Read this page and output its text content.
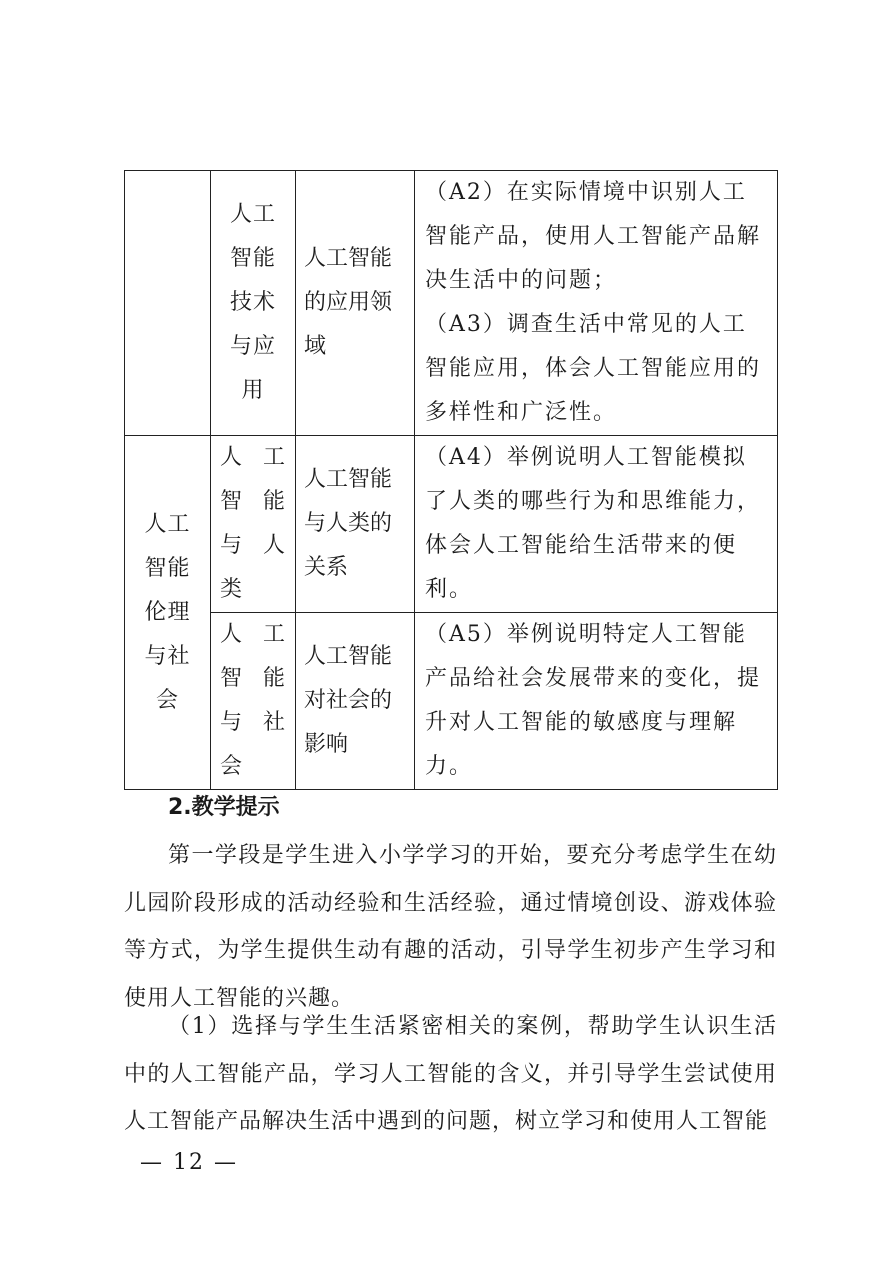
	人工智能技术与应用	人工智能的应用领域	（A2）在实际情境中识别人工智能产品，使用人工智能产品解决生活中的问题；
（A3）调查生活中常见的人工智能应用，体会人工智能应用的多样性和广泛性。

人工智能伦理与社会	人工智能与人类	人工智能与人类的关系	（A4）举例说明人工智能模拟了人类的哪些行为和思维能力，体会人工智能给生活带来的便利。

	人工智能与社会	人工智能对社会的影响	（A5）举例说明特定人工智能产品给社会发展带来的变化，提升对人工智能的敏感度与理解力。
2.教学提示
第一学段是学生进入小学学习的开始，要充分考虑学生在幼儿园阶段形成的活动经验和生活经验，通过情境创设、游戏体验等方式，为学生提供生动有趣的活动，引导学生初步产生学习和使用人工智能的兴趣。
（1）选择与学生生活紧密相关的案例，帮助学生认识生活中的人工智能产品，学习人工智能的含义，并引导学生尝试使用人工智能产品解决生活中遇到的问题，树立学习和使用人工智能
— 12 —
